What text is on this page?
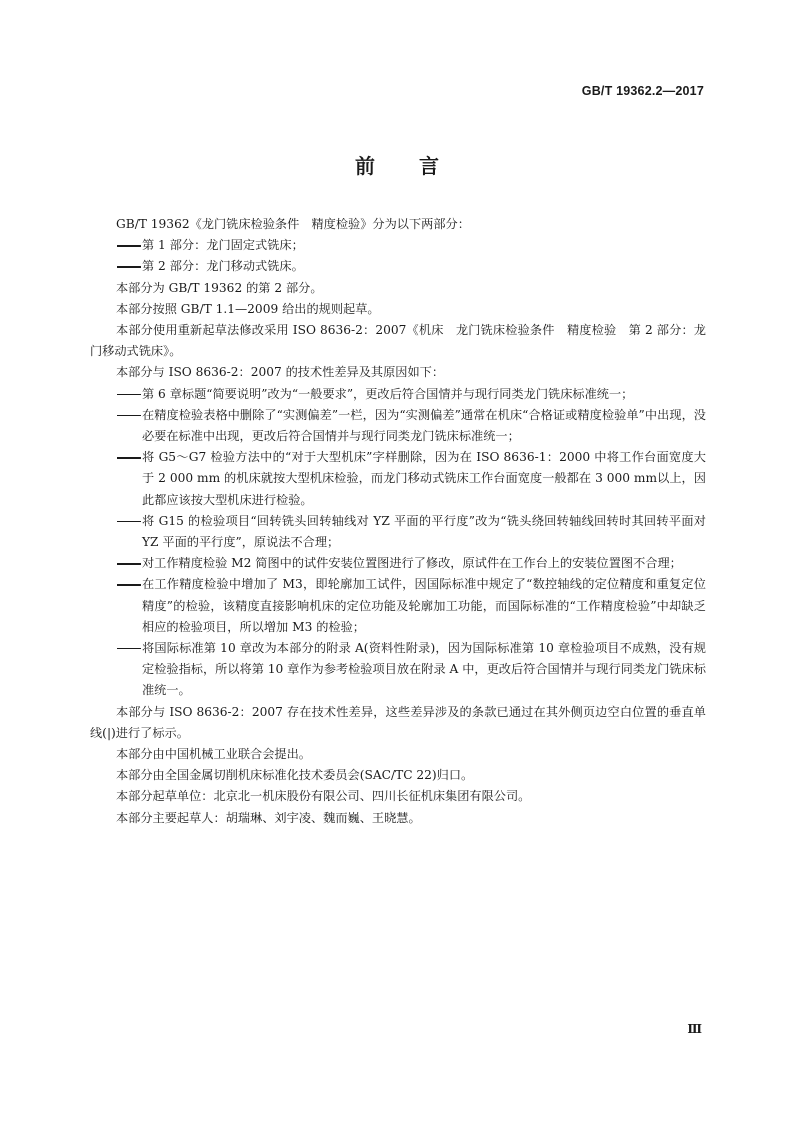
GB/T 19362.2—2017
前言

GB/T 19362《龙门铣床检验条件　精度检验》分为以下两部分：

第 1 部分：龙门固定式铣床；
第 2 部分：龙门移动式铣床。

本部分为 GB/T 19362 的第 2 部分。

本部分按照 GB/T 1.1—2009 给出的规则起草。

本部分使用重新起草法修改采用 ISO 8636-2：2007《机床　龙门铣床检验条件　精度检验　第 2 部分：龙门移动式铣床》。

本部分与 ISO 8636-2：2007 的技术性差异及其原因如下：

第 6 章标题“简要说明”改为“一般要求”，更改后符合国情并与现行同类龙门铣床标准统一；
在精度检验表格中删除了“实测偏差”一栏，因为“实测偏差”通常在机床“合格证或精度检验单”中出现，没必要在标准中出现，更改后符合国情并与现行同类龙门铣床标准统一；
将 G5～G7 检验方法中的“对于大型机床”字样删除，因为在 ISO 8636-1：2000 中将工作台面宽度大于 2 000 mm 的机床就按大型机床检验，而龙门移动式铣床工作台面宽度一般都在 3 000 mm以上，因此都应该按大型机床进行检验。
将 G15 的检验项目“回转铣头回转轴线对 YZ 平面的平行度”改为“铣头绕回转轴线回转时其回转平面对 YZ 平面的平行度”，原说法不合理；
对工作精度检验 M2 简图中的试件安装位置图进行了修改，原试件在工作台上的安装位置图不合理；
在工作精度检验中增加了 M3，即轮廓加工试件，因国际标准中规定了“数控轴线的定位精度和重复定位精度”的检验，该精度直接影响机床的定位功能及轮廓加工功能，而国际标准的“工作精度检验”中却缺乏相应的检验项目，所以增加 M3 的检验；
将国际标准第 10 章改为本部分的附录 A(资料性附录)，因为国际标准第 10 章检验项目不成熟，没有规定检验指标，所以将第 10 章作为参考检验项目放在附录 A 中，更改后符合国情并与现行同类龙门铣床标准统一。

本部分与 ISO 8636-2：2007 存在技术性差异，这些差异涉及的条款已通过在其外侧页边空白位置的垂直单线(|)进行了标示。

本部分由中国机械工业联合会提出。

本部分由全国金属切削机床标准化技术委员会(SAC/TC 22)归口。

本部分起草单位：北京北一机床股份有限公司、四川长征机床集团有限公司。

本部分主要起草人：胡瑞琳、刘宇凌、魏而巍、王晓慧。

Ⅲ
